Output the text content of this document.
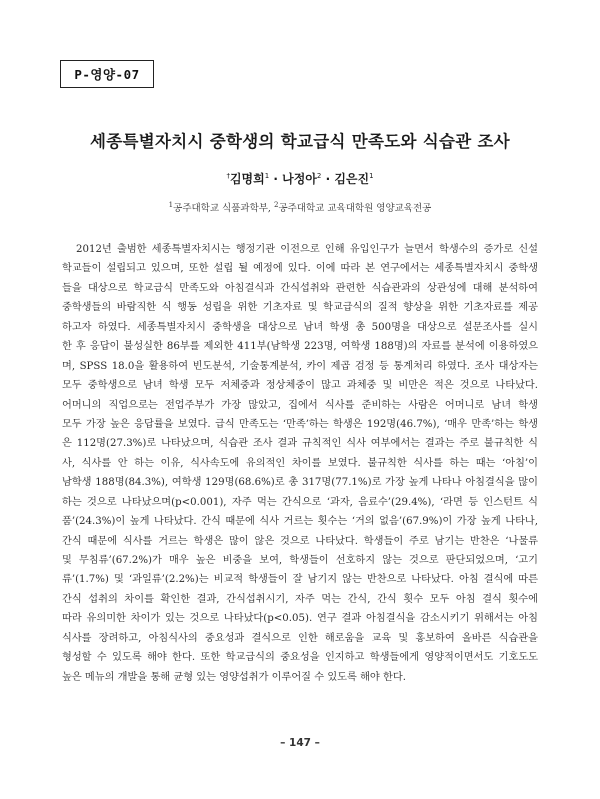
P-영양-07
세종특별자치시 중학생의 학교급식 만족도와 식습관 조사
†김명희$^1$ · 나정아$^2$ · 김은진$^1$
$^1$공주대학교 식품과학부, $^2$공주대학교 교육대학원 영양교육전공
2012년 출범한 세종특별자치시는 행정기관 이전으로 인해 유입인구가 늘면서 학생수의 증가로 신설
학교들이 설립되고 있으며, 또한 설립 될 예정에 있다. 이에 따라 본 연구에서는 세종특별자치시 중학생
들을 대상으로 학교급식 만족도와 아침결식과 간식섭취와 관련한 식습관과의 상관성에 대해 분석하여
중학생들의 바람직한 식 행동 성립을 위한 기초자료 및 학교급식의 질적 향상을 위한 기초자료를 제공
하고자 하였다. 세종특별자치시 중학생을 대상으로 남녀 학생 총 500명을 대상으로 설문조사를 실시
한 후 응답이 불성실한 86부를 제외한 411부(남학생 223명, 여학생 188명)의 자료를 분석에 이용하였으
며, SPSS 18.0을 활용하여 빈도분석, 기술통계분석, 카이 제곱 검정 등 통계처리 하였다. 조사 대상자는
모두 중학생으로 남녀 학생 모두 저체중과 정상체중이 많고 과체중 및 비만은 적은 것으로 나타났다.
어머니의 직업으로는 전업주부가 가장 많았고, 집에서 식사를 준비하는 사람은 어머니로 남녀 학생
모두 가장 높은 응답률을 보였다. 급식 만족도는 ‘만족’하는 학생은 192명(46.7%), ‘매우 만족’하는 학생
은 112명(27.3%)로 나타났으며, 식습관 조사 결과 규칙적인 식사 여부에서는 결과는 주로 불규칙한 식
사, 식사를 안 하는 이유, 식사속도에 유의적인 차이를 보였다. 불규칙한 식사를 하는 때는 ‘아침’이
남학생 188명(84.3%), 여학생 129명(68.6%)로 총 317명(77.1%)로 가장 높게 나타나 아침결식을 많이
하는 것으로 나타났으며(p<0.001), 자주 먹는 간식으로 ‘과자, 음료수’(29.4%), ‘라면 등 인스턴트 식
품’(24.3%)이 높게 나타났다. 간식 때문에 식사 거르는 횟수는 ‘거의 없음’(67.9%)이 가장 높게 나타나,
간식 때문에 식사를 거르는 학생은 많이 않은 것으로 나타났다. 학생들이 주로 남기는 반찬은 ‘나물류
및 무침류’(67.2%)가 매우 높은 비중을 보여, 학생들이 선호하지 않는 것으로 판단되었으며, ‘고기
류’(1.7%) 및 ‘과일류’(2.2%)는 비교적 학생들이 잘 남기지 않는 반찬으로 나타났다. 아침 결식에 따른
간식 섭취의 차이를 확인한 결과, 간식섭취시기, 자주 먹는 간식, 간식 횟수 모두 아침 결식 횟수에
따라 유의미한 차이가 있는 것으로 나타났다(p<0.05). 연구 결과 아침결식을 감소시키기 위해서는 아침
식사를 장려하고, 아침식사의 중요성과 결식으로 인한 해로움을 교육 및 홍보하여 올바른 식습관을
형성할 수 있도록 해야 한다. 또한 학교급식의 중요성을 인지하고 학생들에게 영양적이면서도 기호도도
높은 메뉴의 개발을 통해 균형 있는 영양섭취가 이루어질 수 있도록 해야 한다.
– 147 –
